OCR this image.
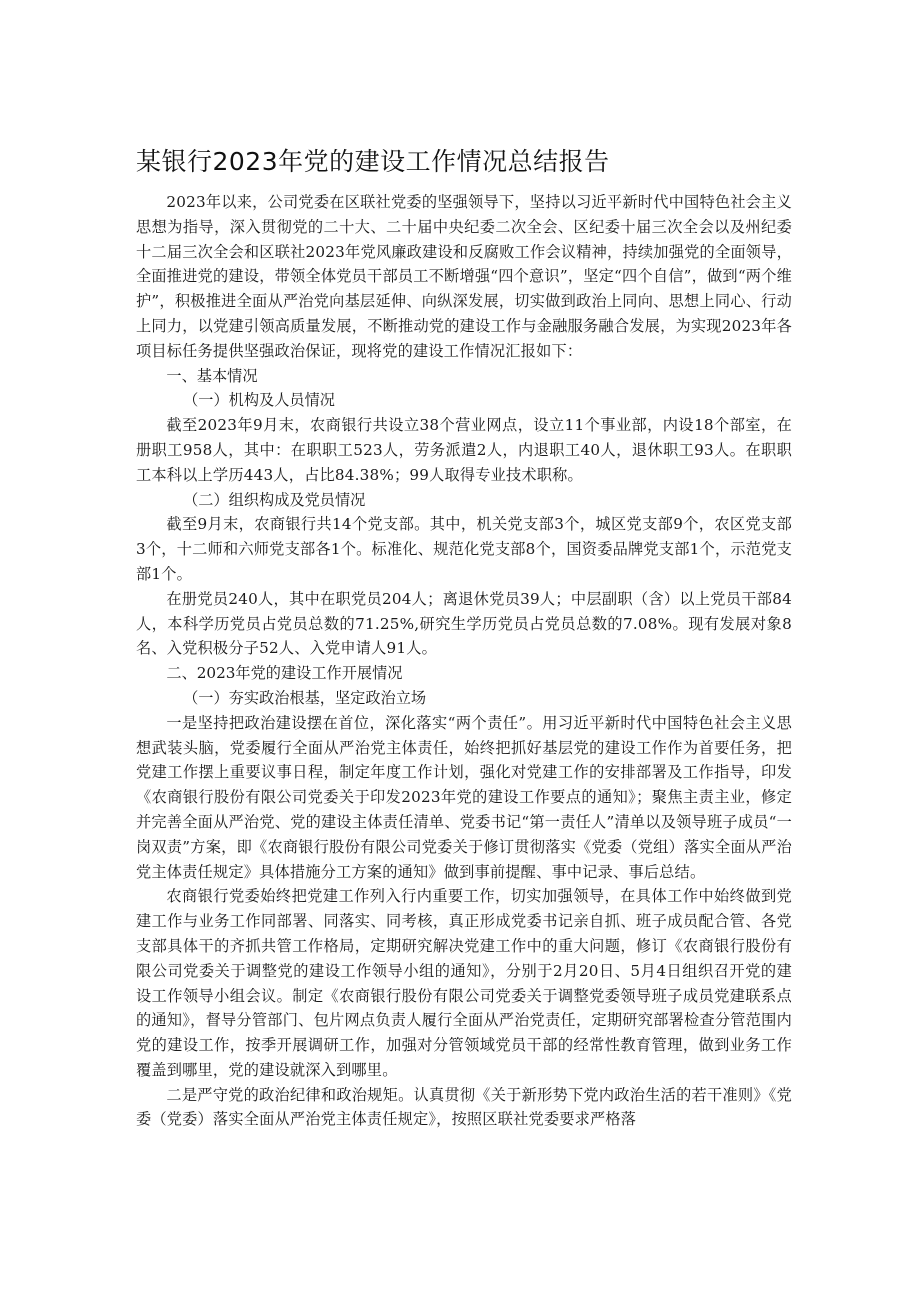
某银行2023年党的建设工作情况总结报告

2023年以来，公司党委在区联社党委的坚强领导下，坚持以习近平新时代中国特色社会主义思想为指导，深入贯彻党的二十大、二十届中央纪委二次全会、区纪委十届三次全会以及州纪委十二届三次全会和区联社2023年党风廉政建设和反腐败工作会议精神，持续加强党的全面领导，全面推进党的建设，带领全体党员干部员工不断增强“四个意识”，坚定“四个自信”，做到“两个维护”，积极推进全面从严治党向基层延伸、向纵深发展，切实做到政治上同向、思想上同心、行动上同力，以党建引领高质量发展，不断推动党的建设工作与金融服务融合发展，为实现2023年各项目标任务提供坚强政治保证，现将党的建设工作情况汇报如下：

一、基本情况

（一）机构及人员情况

截至2023年9月末，农商银行共设立38个营业网点，设立11个事业部，内设18个部室，在册职工958人，其中：在职职工523人，劳务派遣2人，内退职工40人，退休职工93人。在职职工本科以上学历443人，占比84.38%；99人取得专业技术职称。

（二）组织构成及党员情况

截至9月末，农商银行共14个党支部。其中，机关党支部3个，城区党支部9个，农区党支部3个，十二师和六师党支部各1个。标准化、规范化党支部8个，国资委品牌党支部1个，示范党支部1个。

在册党员240人，其中在职党员204人；离退休党员39人；中层副职（含）以上党员干部84人，本科学历党员占党员总数的71.25%,研究生学历党员占党员总数的7.08%。现有发展对象8名、入党积极分子52人、入党申请人91人。

二、2023年党的建设工作开展情况

（一）夯实政治根基，坚定政治立场

一是坚持把政治建设摆在首位，深化落实“两个责任”。用习近平新时代中国特色社会主义思想武装头脑，党委履行全面从严治党主体责任，始终把抓好基层党的建设工作作为首要任务，把党建工作摆上重要议事日程，制定年度工作计划，强化对党建工作的安排部署及工作指导，印发《农商银行股份有限公司党委关于印发2023年党的建设工作要点的通知》；聚焦主责主业，修定并完善全面从严治党、党的建设主体责任清单、党委书记“第一责任人”清单以及领导班子成员“一岗双责”方案，即《农商银行股份有限公司党委关于修订贯彻落实《党委（党组）落实全面从严治党主体责任规定》具体措施分工方案的通知》做到事前提醒、事中记录、事后总结。

农商银行党委始终把党建工作列入行内重要工作，切实加强领导，在具体工作中始终做到党建工作与业务工作同部署、同落实、同考核，真正形成党委书记亲自抓、班子成员配合管、各党支部具体干的齐抓共管工作格局，定期研究解决党建工作中的重大问题，修订《农商银行股份有限公司党委关于调整党的建设工作领导小组的通知》，分别于2月20日、5月4日组织召开党的建设工作领导小组会议。制定《农商银行股份有限公司党委关于调整党委领导班子成员党建联系点的通知》，督导分管部门、包片网点负责人履行全面从严治党责任，定期研究部署检查分管范围内党的建设工作，按季开展调研工作，加强对分管领域党员干部的经常性教育管理，做到业务工作覆盖到哪里，党的建设就深入到哪里。

二是严守党的政治纪律和政治规矩。认真贯彻《关于新形势下党内政治生活的若干准则》《党委（党委）落实全面从严治党主体责任规定》，按照区联社党委要求严格落
